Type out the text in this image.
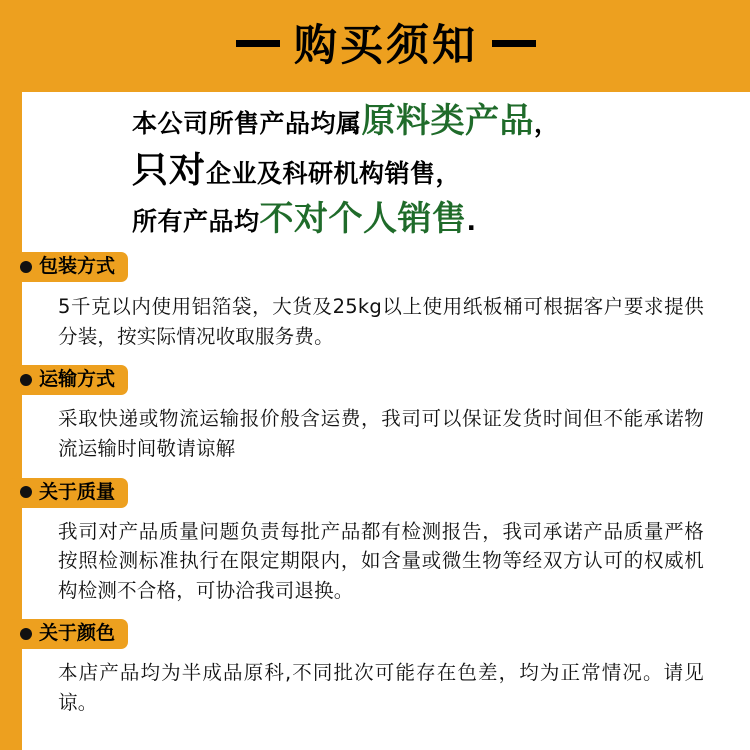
购买须知
本公司所售产品均属原料类产品，
只对企业及科研机构销售，
所有产品均不对个人销售.
包装方式
5千克以内使用铝箔袋，大货及25kg以上使用纸板桶可根据客户要求提供分装，按实际情况收取服务费。
运输方式
采取快递或物流运输报价般含运费，我司可以保证发货时间但不能承诺物流运输时间敬请谅解
关于质量
我司对产品质量问题负责每批产品都有检测报告，我司承诺产品质量严格按照检测标准执行在限定期限内，如含量或微生物等经双方认可的权威机构检测不合格，可协洽我司退换。
关于颜色
本店产品均为半成品原科,不同批次可能存在色差，均为正常情况。请见谅。
